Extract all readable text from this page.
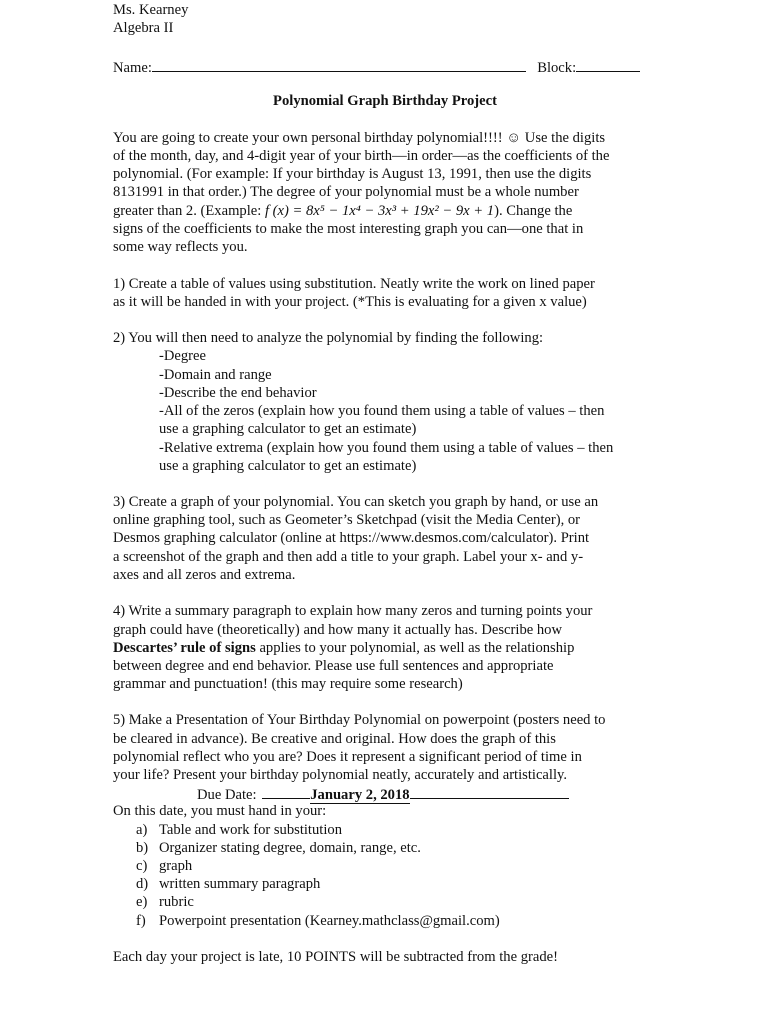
Ms. Kearney
Algebra II
Name:	Block:
Polynomial Graph Birthday Project
You are going to create your own personal birthday polynomial!!!! ☺ Use the digits
of the month, day, and 4-digit year of your birth—in order—as the coefficients of the
polynomial. (For example: If your birthday is August 13, 1991, then use the digits
8131991 in that order.) The degree of your polynomial must be a whole number
greater than 2. (Example: f (x) = 8x⁵ − 1x⁴ − 3x³ + 19x² − 9x + 1). Change the
signs of the coefficients to make the most interesting graph you can—one that in
some way reflects you.
1) Create a table of values using substitution. Neatly write the work on lined paper
as it will be handed in with your project. (*This is evaluating for a given x value)
2) You will then need to analyze the polynomial by finding the following:
-Degree
-Domain and range
-Describe the end behavior
-All of the zeros (explain how you found them using a table of values – then
use a graphing calculator to get an estimate)
-Relative extrema (explain how you found them using a table of values – then
use a graphing calculator to get an estimate)
3) Create a graph of your polynomial. You can sketch you graph by hand, or use an
online graphing tool, such as Geometer’s Sketchpad (visit the Media Center), or
Desmos graphing calculator (online at https://www.desmos.com/calculator). Print
a screenshot of the graph and then add a title to your graph. Label your x- and y-
axes and all zeros and extrema.
4) Write a summary paragraph to explain how many zeros and turning points your
graph could have (theoretically) and how many it actually has. Describe how
Descartes’ rule of signs applies to your polynomial, as well as the relationship
between degree and end behavior. Please use full sentences and appropriate
grammar and punctuation! (this may require some research)
5) Make a Presentation of Your Birthday Polynomial on powerpoint (posters need to
be cleared in advance). Be creative and original. How does the graph of this
polynomial reflect who you are? Does it represent a significant period of time in
your life? Present your birthday polynomial neatly, accurately and artistically.
Due Date:	January 2, 2018
On this date, you must hand in your:
a) Table and work for substitution
b) Organizer stating degree, domain, range, etc.
c) graph
d) written summary paragraph
e) rubric
f) Powerpoint presentation (Kearney.mathclass@gmail.com)
Each day your project is late, 10 POINTS will be subtracted from the grade!
